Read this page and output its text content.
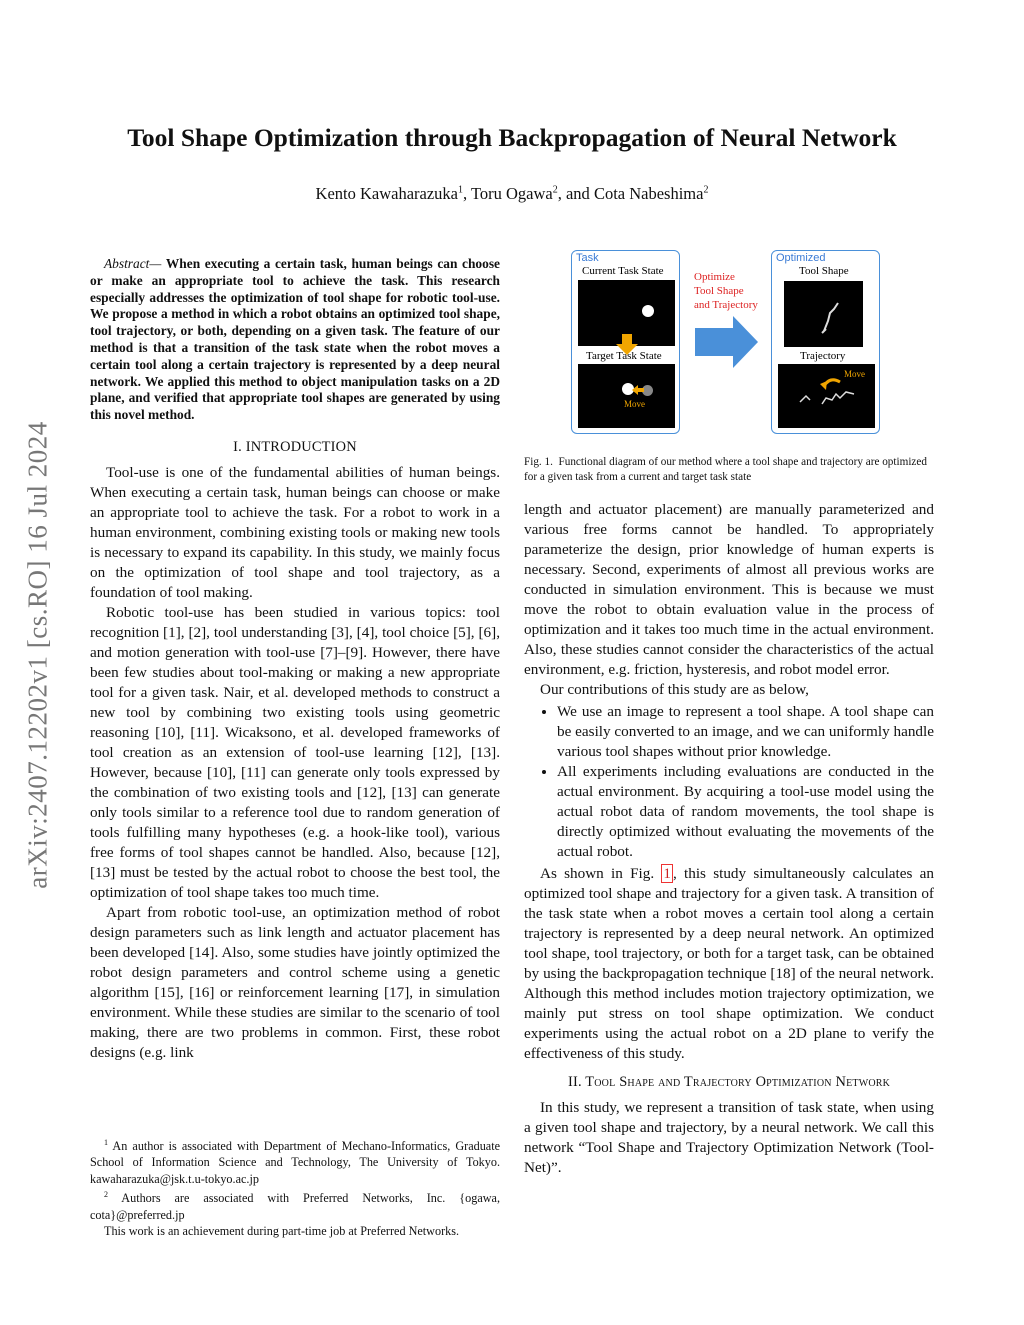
arXiv:2407.12202v1 [cs.RO] 16 Jul 2024
Tool Shape Optimization through Backpropagation of Neural Network
Kento Kawaharazuka$^1$, Toru Ogawa$^2$, and Cota Nabeshima$^2$

Abstract— When executing a certain task, human beings can choose or make an appropriate tool to achieve the task. This research especially addresses the optimization of tool shape for robotic tool-use. We propose a method in which a robot obtains an optimized tool shape, tool trajectory, or both, depending on a given task. The feature of our method is that a transition of the task state when the robot moves a certain tool along a certain trajectory is represented by a deep neural network. We applied this method to object manipulation tasks on a 2D plane, and verified that appropriate tool shapes are generated by using this novel method.

I. INTRODUCTION

Tool-use is one of the fundamental abilities of human beings. When executing a certain task, human beings can choose or make an appropriate tool to achieve the task. For a robot to work in a human environment, combining existing tools or making new tools is necessary to expand its capability. In this study, we mainly focus on the optimization of tool shape and tool trajectory, as a foundation of tool making.

Robotic tool-use has been studied in various topics: tool recognition [1], [2], tool understanding [3], [4], tool choice [5], [6], and motion generation with tool-use [7]–[9]. However, there have been few studies about tool-making or making a new appropriate tool for a given task. Nair, et al. developed methods to construct a new tool by combining two existing tools using geometric reasoning [10], [11]. Wicaksono, et al. developed frameworks of tool creation as an extension of tool-use learning [12], [13]. However, because [10], [11] can generate only tools expressed by the combination of two existing tools and [12], [13] can generate only tools similar to a reference tool due to random generation of tools fulfilling many hypotheses (e.g. a hook-like tool), various free forms of tool shapes cannot be handled. Also, because [12], [13] must be tested by the actual robot to choose the best tool, the optimization of tool shape takes too much time.

Apart from robotic tool-use, an optimization method of robot design parameters such as link length and actuator placement has been developed [14]. Also, some studies have jointly optimized the robot design parameters and control scheme using a genetic algorithm [15], [16] or reinforcement learning [17], in simulation environment. While these studies are similar to the scenario of tool making, there are two problems in common. First, these robot designs (e.g. link

$^1$ An author is associated with Department of Mechano-Informatics, Graduate School of Information Science and Technology, The University of Tokyo. kawaharazuka@jsk.t.u-tokyo.ac.jp

$^2$ Authors are associated with Preferred Networks, Inc. {ogawa, cota}@preferred.jp

This work is an achievement during part-time job at Preferred Networks.

Task
Current Task State
Target Task State
Move
Optimize
Tool Shape
and Trajectory
Optimized
Tool Shape
Trajectory
Move
Fig. 1. Functional diagram of our method where a tool shape and trajectory are optimized for a given task from a current and target task state

length and actuator placement) are manually parameterized and various free forms cannot be handled. To appropriately parameterize the design, prior knowledge of human experts is necessary. Second, experiments of almost all previous works are conducted in simulation environment. This is because we must move the robot to obtain evaluation value in the process of optimization and it takes too much time in the actual environment. Also, these studies cannot consider the characteristics of the actual environment, e.g. friction, hysteresis, and robot model error.

Our contributions of this study are as below,

• We use an image to represent a tool shape. A tool shape can be easily converted to an image, and we can uniformly handle various tool shapes without prior knowledge.
• All experiments including evaluations are conducted in the actual environment. By acquiring a tool-use model using the actual robot data of random movements, the tool shape is directly optimized without evaluating the movements of the actual robot.

As shown in Fig. 1 , this study simultaneously calculates an optimized tool shape and trajectory for a given task. A transition of the task state when a robot moves a certain tool along a certain trajectory is represented by a deep neural network. An optimized tool shape, tool trajectory, or both for a target task, can be obtained by using the backpropagation technique [18] of the neural network. Although this method includes motion trajectory optimization, we mainly put stress on tool shape optimization. We conduct experiments using the actual robot on a 2D plane to verify the effectiveness of this study.

II. Tool Shape and Trajectory Optimization Network

In this study, we represent a transition of task state, when using a given tool shape and trajectory, by a neural network. We call this network “Tool Shape and Trajectory Optimization Network (Tool-Net)”.
